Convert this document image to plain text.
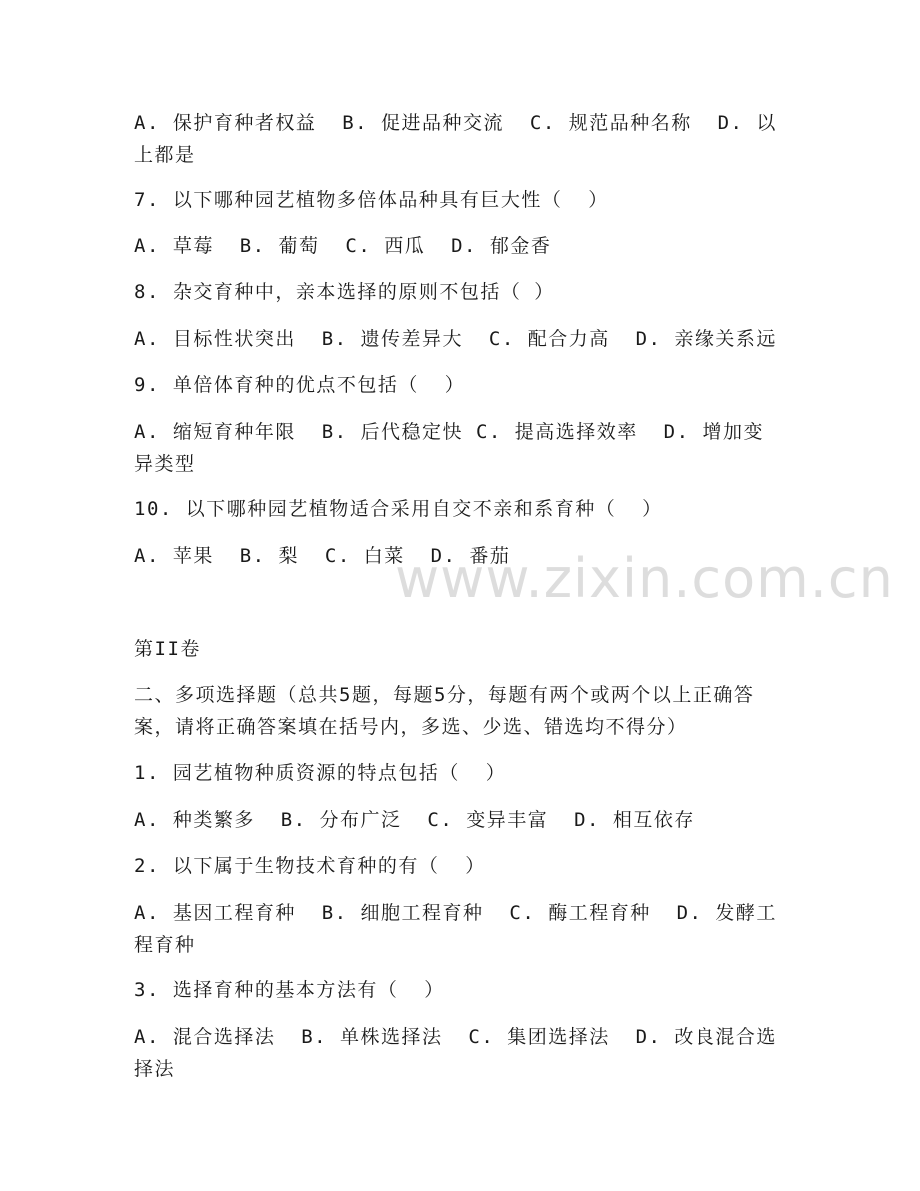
A. 保护育种者权益  B. 促进品种交流  C. 规范品种名称  D. 以上都是
7. 以下哪种园艺植物多倍体品种具有巨大性（  ）
A. 草莓  B. 葡萄  C. 西瓜  D. 郁金香
8. 杂交育种中，亲本选择的原则不包括（ ）
A. 目标性状突出  B. 遗传差异大  C. 配合力高  D. 亲缘关系远
9. 单倍体育种的优点不包括（  ）
A. 缩短育种年限  B. 后代稳定快 C. 提高选择效率  D. 增加变异类型
10. 以下哪种园艺植物适合采用自交不亲和系育种（  ）
A. 苹果  B. 梨  C. 白菜  D. 番茄
第II卷
二、多项选择题（总共5题，每题5分，每题有两个或两个以上正确答案，请将正确答案填在括号内，多选、少选、错选均不得分）
1. 园艺植物种质资源的特点包括（  ）
A. 种类繁多  B. 分布广泛  C. 变异丰富  D. 相互依存
2. 以下属于生物技术育种的有（  ）
A. 基因工程育种  B. 细胞工程育种  C. 酶工程育种  D. 发酵工程育种
3. 选择育种的基本方法有（  ）
A. 混合选择法  B. 单株选择法  C. 集团选择法  D. 改良混合选择法
www.zixin.com.cn
